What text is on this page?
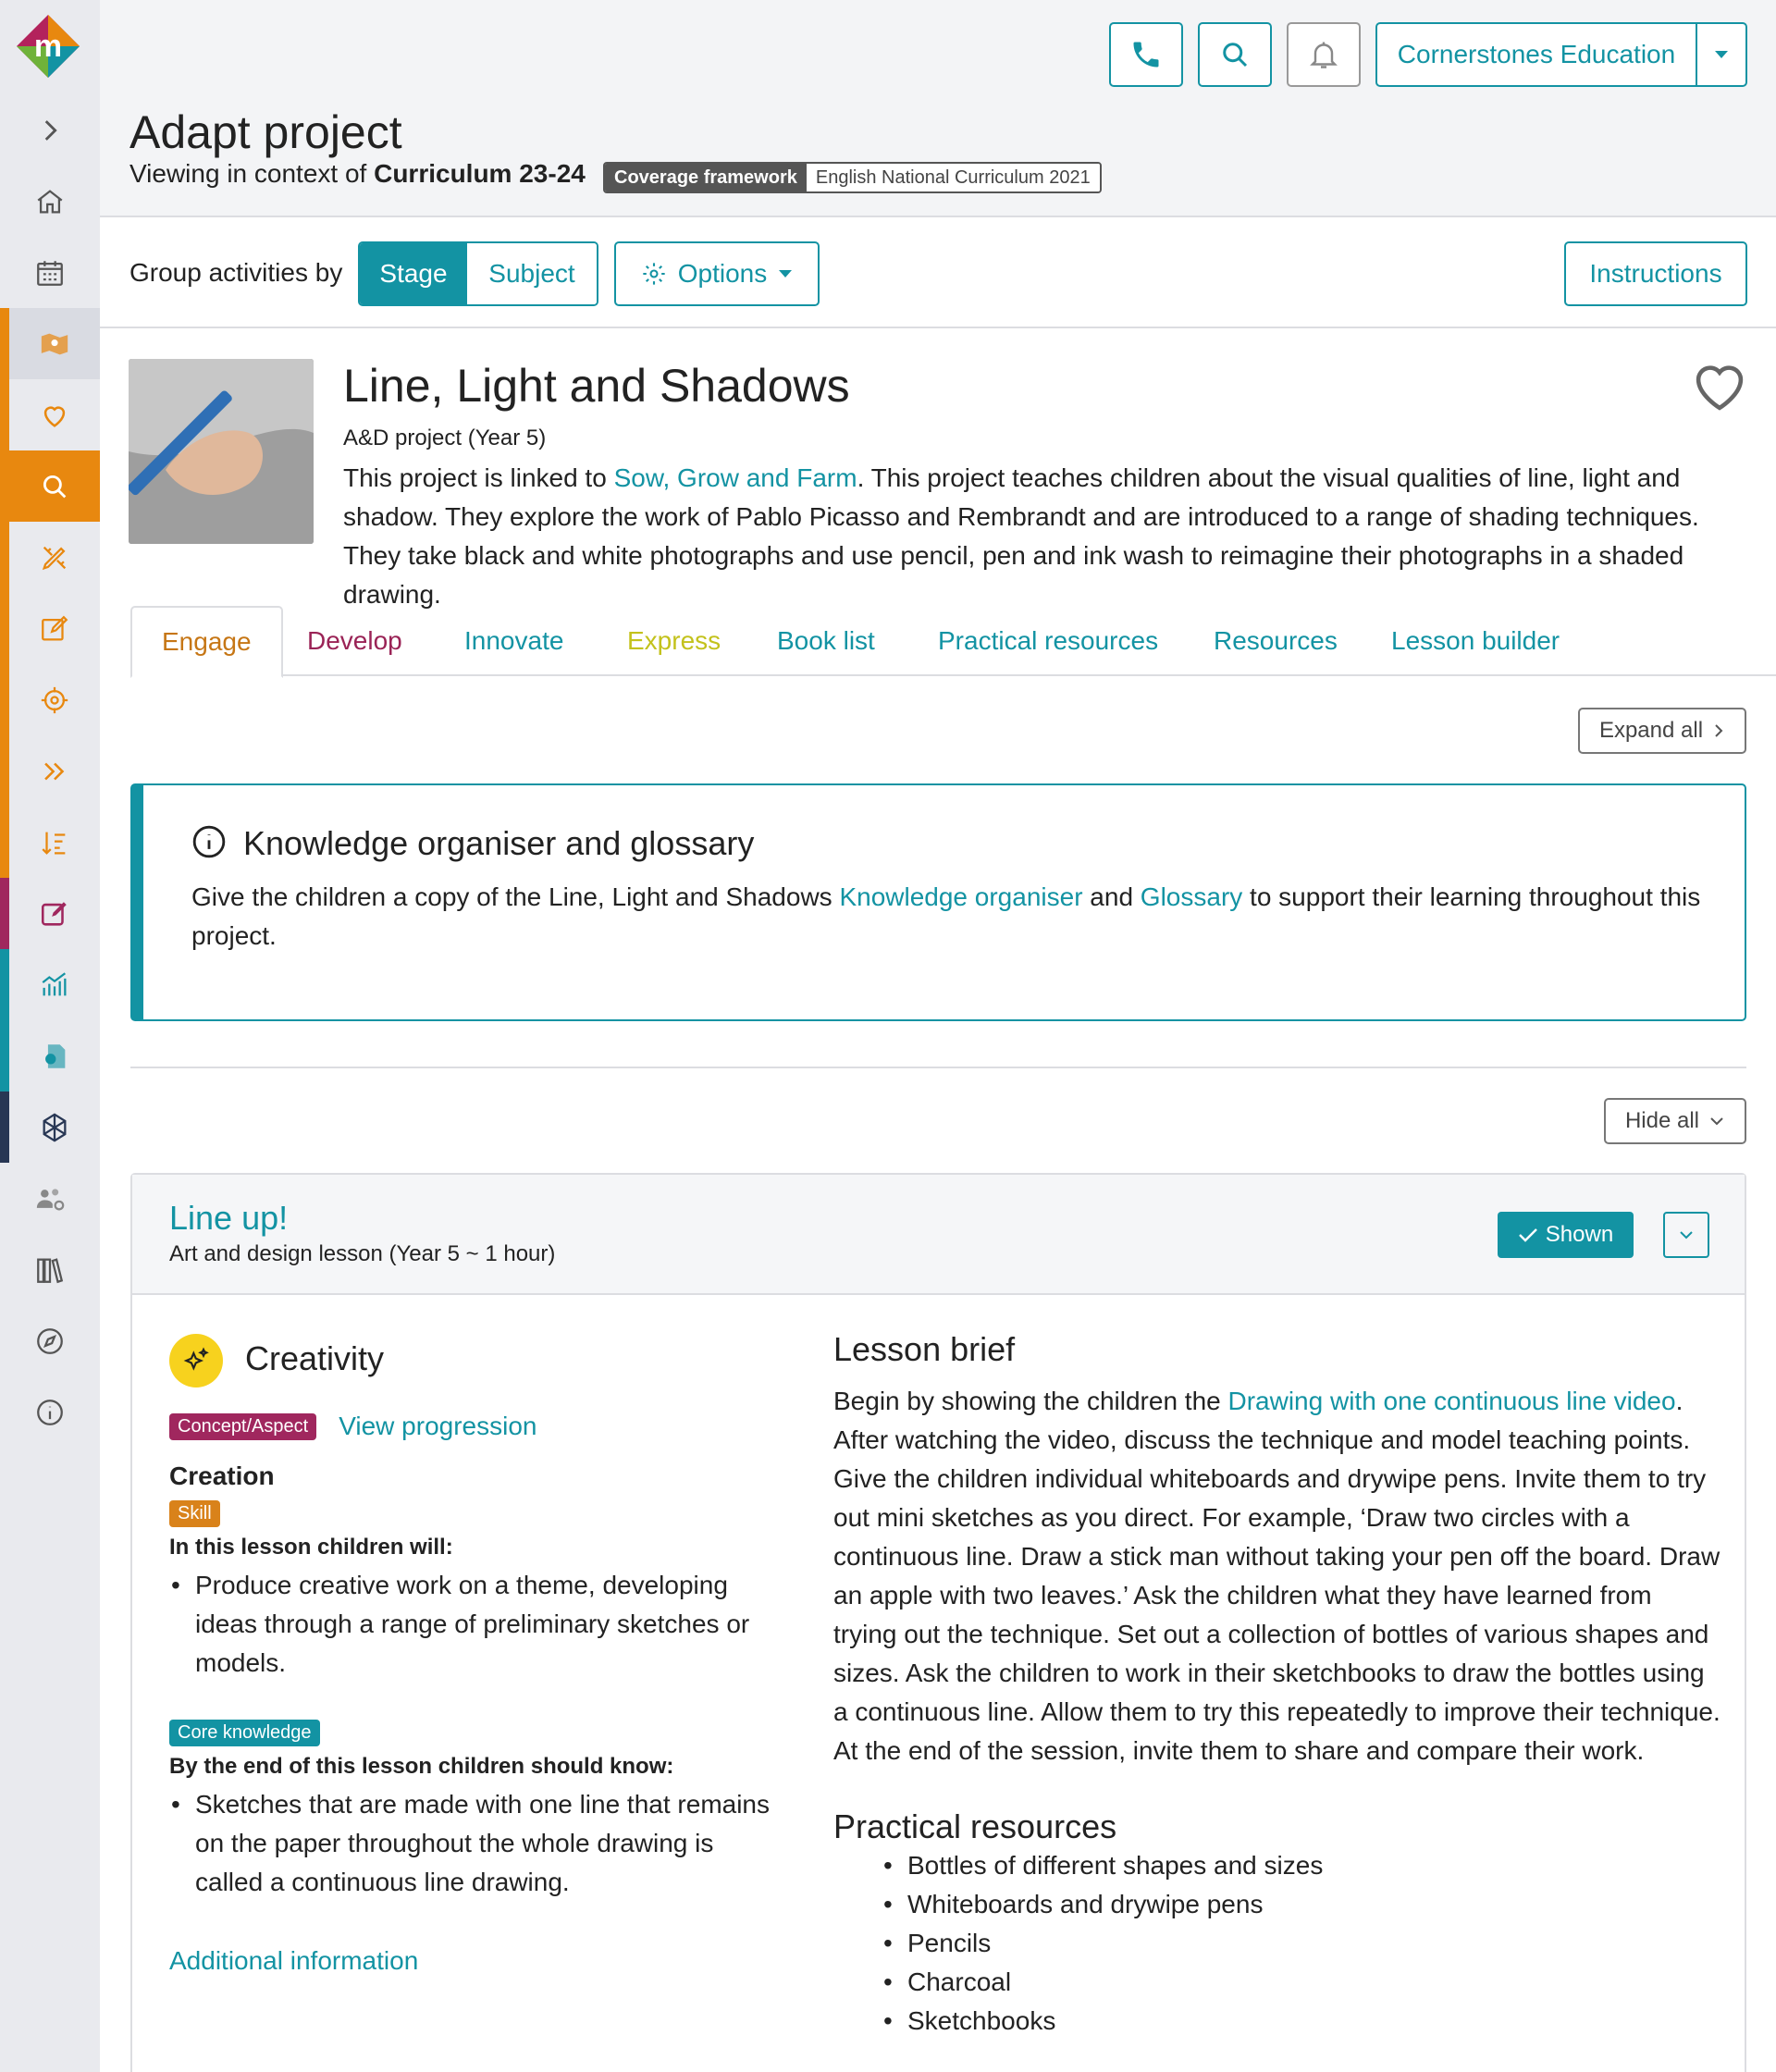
m	Cornerstones Education
Adapt project
Viewing in context of Curriculum 23-24	Coverage framework	English National Curriculum 2021
Group activities by	Stage	Subject	Options	Instructions
Line, Light and Shadows
A&D project (Year 5)
This project is linked to Sow, Grow and Farm. This project teaches children about the visual qualities of line, light and shadow. They explore the work of Pablo Picasso and Rembrandt and are introduced to a range of shading techniques. They take black and white photographs and use pencil, pen and ink wash to reimagine their photographs in a shaded drawing.
Engage Develop Innovate Express Book list Practical resources Resources Lesson builder
Expand all
Knowledge organiser and glossary
Give the children a copy of the Line, Light and Shadows Knowledge organiser and Glossary to support their learning throughout this project.
Hide all
Line up!
Art and design lesson (Year 5 ~ 1 hour)
Shown
Creativity
Concept/Aspect	View progression
Creation
Skill
In this lesson children will:
• Produce creative work on a theme, developing ideas through a range of preliminary sketches or models.
Core knowledge
By the end of this lesson children should know:
• Sketches that are made with one line that remains on the paper throughout the whole drawing is called a continuous line drawing.
Additional information
Lesson brief
Begin by showing the children the Drawing with one continuous line video. After watching the video, discuss the technique and model teaching points. Give the children individual whiteboards and drywipe pens. Invite them to try out mini sketches as you direct. For example, ‘Draw two circles with a continuous line. Draw a stick man without taking your pen off the board. Draw an apple with two leaves.’ Ask the children what they have learned from trying out the technique. Set out a collection of bottles of various shapes and sizes. Ask the children to work in their sketchbooks to draw the bottles using a continuous line. Allow them to try this repeatedly to improve their technique. At the end of the session, invite them to share and compare their work.
Practical resources
• Bottles of different shapes and sizes
• Whiteboards and drywipe pens
• Pencils
• Charcoal
• Sketchbooks
